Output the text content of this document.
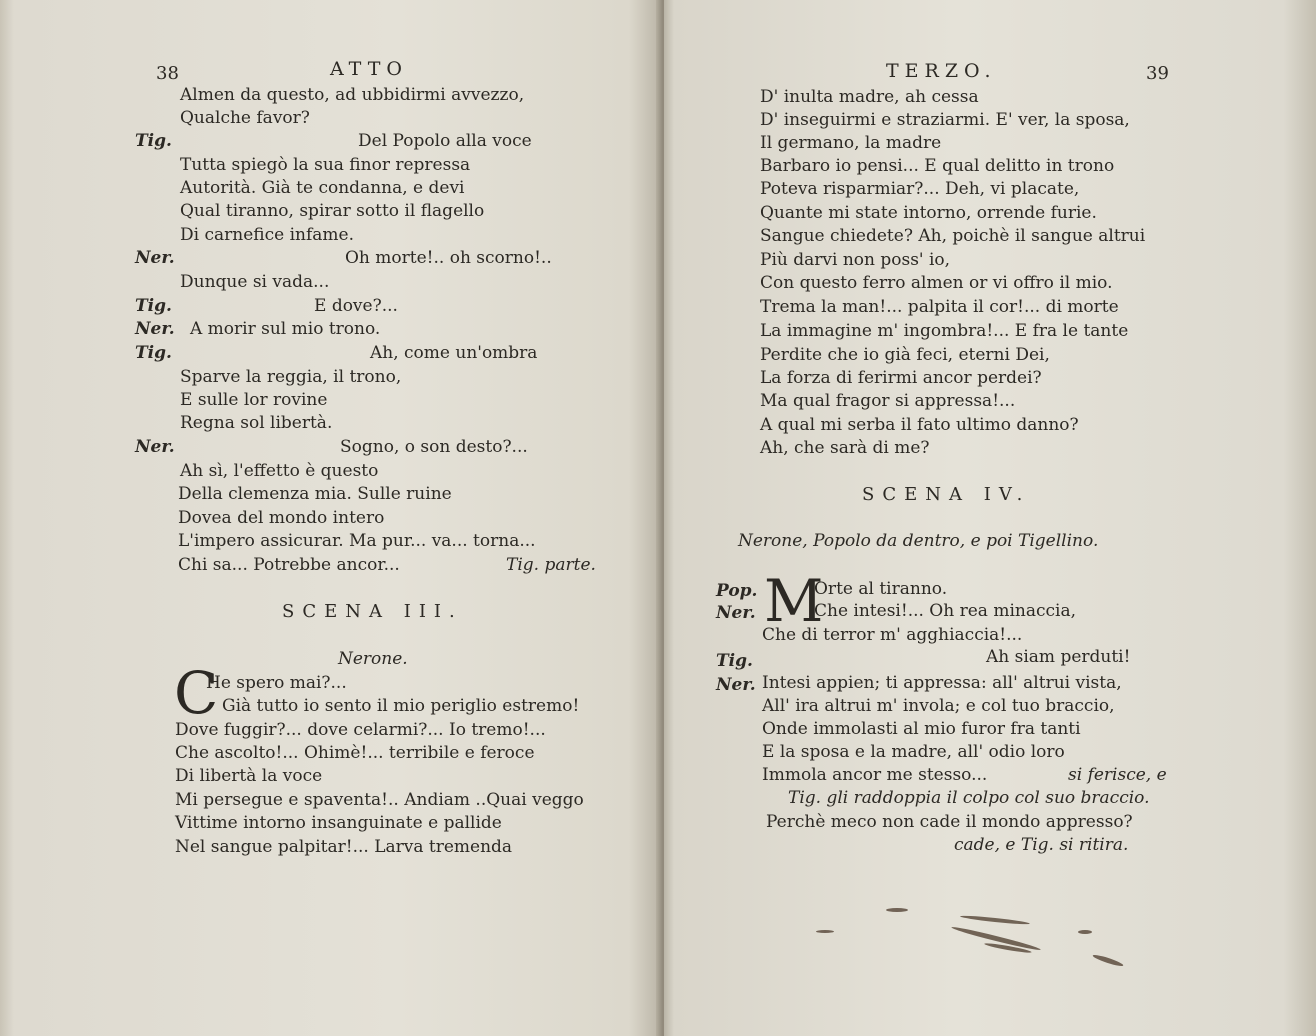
38	ATTO
Almen da questo, ad ubbidirmi avvezzo,
Qualche favor?
Tig.	Del Popolo alla voce
Tutta spiegò la sua finor repressa
Autorità. Già te condanna, e devi
Qual tiranno, spirar sotto il flagello
Di carnefice infame.
Ner.	Oh morte!.. oh scorno!..
Dunque si vada...
Tig.	E dove?...
Ner. A morir sul mio trono.
Tig.	Ah, come un'ombra
Sparve la reggia, il trono,
E sulle lor rovine
Regna sol libertà.
Ner.	Sogno, o son desto?...
Ah sì, l'effetto è questo
Della clemenza mia. Sulle ruine
Dovea del mondo intero
L'impero assicurar. Ma pur... va... torna...
Chi sa... Potrebbe ancor...	Tig. parte.
SCENA III.
Nerone.
C
He spero mai?...
Già tutto io sento il mio periglio estremo!
Dove fuggir?... dove celarmi?... Io tremo!...
Che ascolto!... Ohimè!... terribile e feroce
Di libertà la voce
Mi persegue e spaventa!.. Andiam ..Quai veggo
Vittime intorno insanguinate e pallide
Nel sangue palpitar!... Larva tremenda
TERZO.	39
D' inulta madre, ah cessa
D' inseguirmi e straziarmi. E' ver, la sposa,
Il germano, la madre
Barbaro io pensi... E qual delitto in trono
Poteva risparmiar?... Deh, vi placate,
Quante mi state intorno, orrende furie.
Sangue chiedete? Ah, poichè il sangue altrui
Più darvi non poss' io,
Con questo ferro almen or vi offro il mio.
Trema la man!... palpita il cor!... di morte
La immagine m' ingombra!... E fra le tante
Perdite che io già feci, eterni Dei,
La forza di ferirmi ancor perdei?
Ma qual fragor si appressa!...
A qual mi serba il fato ultimo danno?
Ah, che sarà di me?
SCENA IV.
Nerone, Popolo da dentro, e poi Tigellino.
Pop. M
Orte al tiranno.
Ner.	Che intesi!... Oh rea minaccia,
Che di terror m' agghiaccia!...
Tig.	Ah siam perduti!
Ner. Intesi appien; ti appressa: all' altrui vista,
All' ira altrui m' invola; e col tuo braccio,
Onde immolasti al mio furor fra tanti
E la sposa e la madre, all' odio loro
Immola ancor me stesso...	si ferisce, e
Tig. gli raddoppia il colpo col suo braccio.
Perchè meco non cade il mondo appresso?
cade, e Tig. si ritira.
